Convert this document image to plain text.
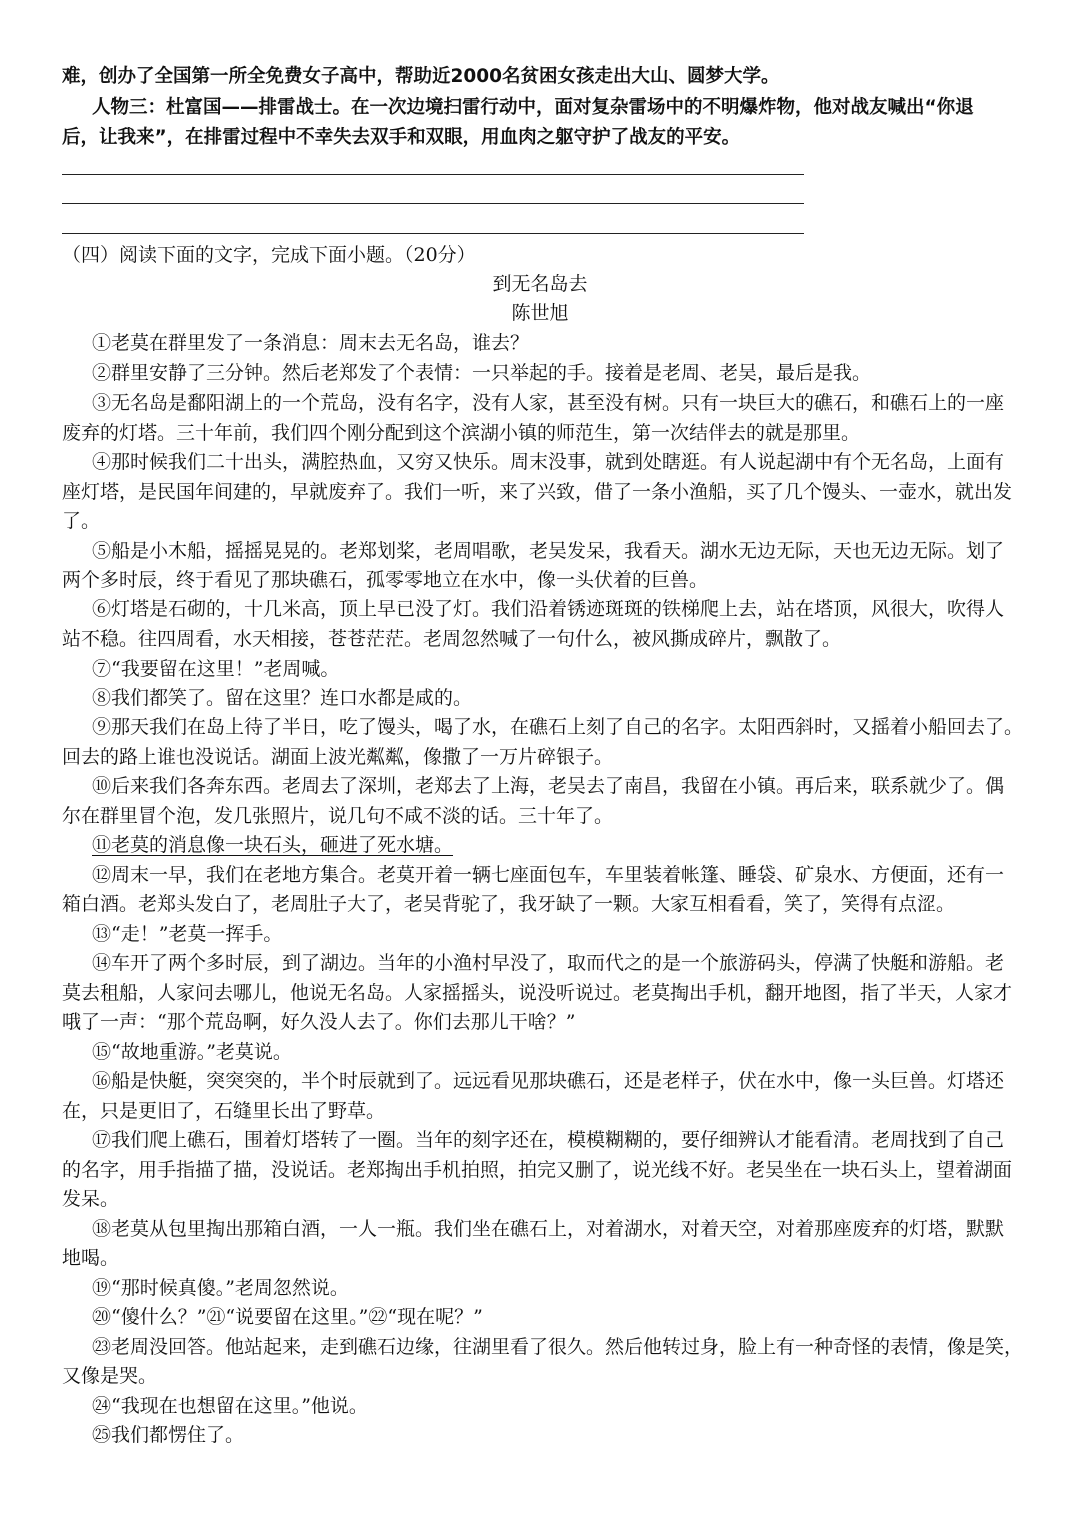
难，创办了全国第一所全免费女子高中，帮助近2000名贫困女孩走出大山、圆梦大学。
人物三：杜富国——排雷战士。在一次边境扫雷行动中，面对复杂雷场中的不明爆炸物，他对战友喊出“你退
后，让我来”，在排雷过程中不幸失去双手和双眼，用血肉之躯守护了战友的平安。
（四）阅读下面的文字，完成下面小题。（20分）
到无名岛去
陈世旭
①老莫在群里发了一条消息：周末去无名岛，谁去？
②群里安静了三分钟。然后老郑发了个表情：一只举起的手。接着是老周、老吴，最后是我。
③无名岛是鄱阳湖上的一个荒岛，没有名字，没有人家，甚至没有树。只有一块巨大的礁石，和礁石上的一座
废弃的灯塔。三十年前，我们四个刚分配到这个滨湖小镇的师范生，第一次结伴去的就是那里。
④那时候我们二十出头，满腔热血，又穷又快乐。周末没事，就到处瞎逛。有人说起湖中有个无名岛，上面有
座灯塔，是民国年间建的，早就废弃了。我们一听，来了兴致，借了一条小渔船，买了几个馒头、一壶水，就出发
了。
⑤船是小木船，摇摇晃晃的。老郑划桨，老周唱歌，老吴发呆，我看天。湖水无边无际，天也无边无际。划了
两个多时辰，终于看见了那块礁石，孤零零地立在水中，像一头伏着的巨兽。
⑥灯塔是石砌的，十几米高，顶上早已没了灯。我们沿着锈迹斑斑的铁梯爬上去，站在塔顶，风很大，吹得人
站不稳。往四周看，水天相接，苍苍茫茫。老周忽然喊了一句什么，被风撕成碎片，飘散了。
⑦“我要留在这里！”老周喊。
⑧我们都笑了。留在这里？连口水都是咸的。
⑨那天我们在岛上待了半日，吃了馒头，喝了水，在礁石上刻了自己的名字。太阳西斜时，又摇着小船回去了。
回去的路上谁也没说话。湖面上波光粼粼，像撒了一万片碎银子。
⑩后来我们各奔东西。老周去了深圳，老郑去了上海，老吴去了南昌，我留在小镇。再后来，联系就少了。偶
尔在群里冒个泡，发几张照片，说几句不咸不淡的话。三十年了。
⑪老莫的消息像一块石头，砸进了死水塘。
⑫周末一早，我们在老地方集合。老莫开着一辆七座面包车，车里装着帐篷、睡袋、矿泉水、方便面，还有一
箱白酒。老郑头发白了，老周肚子大了，老吴背驼了，我牙缺了一颗。大家互相看看，笑了，笑得有点涩。
⑬“走！”老莫一挥手。
⑭车开了两个多时辰，到了湖边。当年的小渔村早没了，取而代之的是一个旅游码头，停满了快艇和游船。老
莫去租船，人家问去哪儿，他说无名岛。人家摇摇头，说没听说过。老莫掏出手机，翻开地图，指了半天，人家才
哦了一声：“那个荒岛啊，好久没人去了。你们去那儿干啥？”
⑮“故地重游。”老莫说。
⑯船是快艇，突突突的，半个时辰就到了。远远看见那块礁石，还是老样子，伏在水中，像一头巨兽。灯塔还
在，只是更旧了，石缝里长出了野草。
⑰我们爬上礁石，围着灯塔转了一圈。当年的刻字还在，模模糊糊的，要仔细辨认才能看清。老周找到了自己
的名字，用手指描了描，没说话。老郑掏出手机拍照，拍完又删了，说光线不好。老吴坐在一块石头上，望着湖面
发呆。
⑱老莫从包里掏出那箱白酒，一人一瓶。我们坐在礁石上，对着湖水，对着天空，对着那座废弃的灯塔，默默
地喝。
⑲“那时候真傻。”老周忽然说。
⑳“傻什么？”㉑“说要留在这里。”㉒“现在呢？”
㉓老周没回答。他站起来，走到礁石边缘，往湖里看了很久。然后他转过身，脸上有一种奇怪的表情，像是笑，
又像是哭。
㉔“我现在也想留在这里。”他说。
㉕我们都愣住了。
